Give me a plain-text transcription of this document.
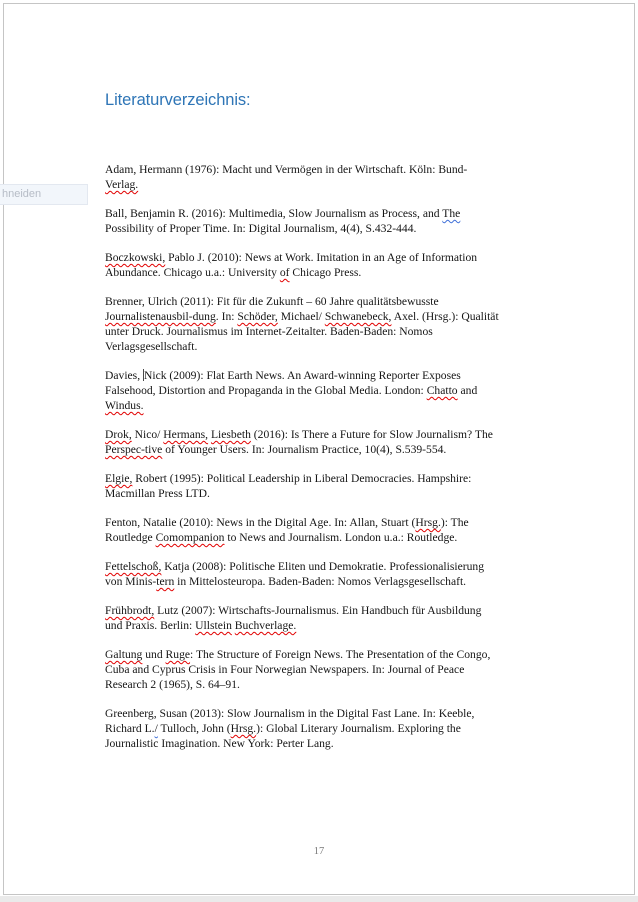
Literaturverzeichnis:
Adam, Hermann (1976): Macht und Vermögen in der Wirtschaft. Köln: Bund-
Verlag.
Ball, Benjamin R. (2016): Multimedia, Slow Journalism as Process, and The
Possibility of Proper Time. In: Digital Journalism, 4(4), S.432-444.
Boczkowski, Pablo J. (2010): News at Work. Imitation in an Age of Information
Abundance. Chicago u.a.: University of Chicago Press.
Brenner, Ulrich (2011): Fit für die Zukunft – 60 Jahre qualitätsbewusste
Journalistenausbil-dung. In: Schöder, Michael/ Schwanebeck, Axel. (Hrsg.): Qualität
unter Druck. Journalismus im Internet-Zeitalter. Baden-Baden: Nomos
Verlagsgesellschaft.
Davies, Nick (2009): Flat Earth News. An Award-winning Reporter Exposes
Falsehood, Distortion and Propaganda in the Global Media. London: Chatto and
Windus.
Drok, Nico/ Hermans, Liesbeth (2016): Is There a Future for Slow Journalism? The
Perspec-tive of Younger Users. In: Journalism Practice, 10(4), S.539-554.
Elgie, Robert (1995): Political Leadership in Liberal Democracies. Hampshire:
Macmillan Press LTD.
Fenton, Natalie (2010): News in the Digital Age. In: Allan, Stuart (Hrsg.): The
Routledge Comompanion to News and Journalism. London u.a.: Routledge.
Fettelschoß, Katja (2008): Politische Eliten und Demokratie. Professionalisierung
von Minis-tern in Mittelosteuropa. Baden-Baden: Nomos Verlagsgesellschaft.
Frühbrodt, Lutz (2007): Wirtschafts-Journalismus. Ein Handbuch für Ausbildung
und Praxis. Berlin: Ullstein Buchverlage.
Galtung und Ruge: The Structure of Foreign News. The Presentation of the Congo,
Cuba and Cyprus Crisis in Four Norwegian Newspapers. In: Journal of Peace
Research 2 (1965), S. 64–91.
Greenberg, Susan (2013): Slow Journalism in the Digital Fast Lane. In: Keeble,
Richard L./ Tulloch, John (Hrsg.): Global Literary Journalism. Exploring the
Journalistic Imagination. New York: Perter Lang.
17
hneiden
